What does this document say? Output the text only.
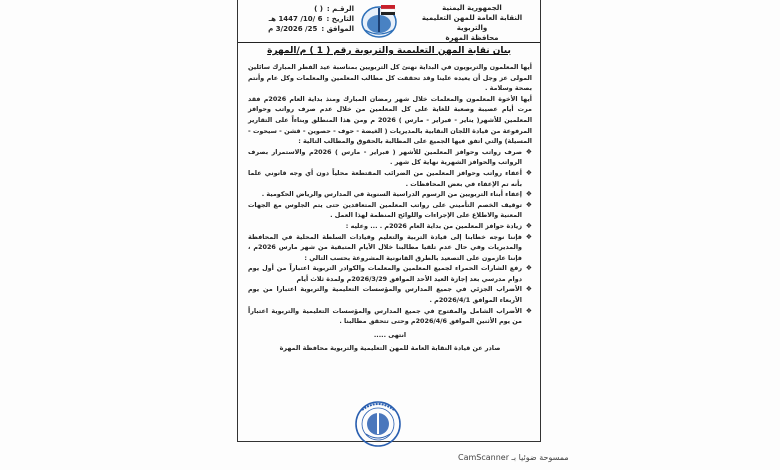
الجمهورية اليمنية
النقابة العامة للمهن التعليمية والتربوية
محافظة المهرة
الرقـم :
( )
التاريخ :
6 /10/ 1447 هـ
الموافق :
25/ 3/2026 م
بيان نقابة المهن التعليمية والتربوية رقم ( 1 ) م/المهرة

أيها المعلمون والتربويون في البداية نهنئ كل التربويين بمناسبة عيد الفطر المبارك سائلين المولى عز وجل أن يعيده علينا وقد تحققت كل مطالب المعلمين والمعلمات وكل عام وأنتم بصحة وسلامة .

أيها الأخوة المعلمون والمعلمات خلال شهر رمضان المبارك ومنذ بداية العام 2026م فقد مرت أيام عصيبة وصعبة للغاية على كل المعلمين من خلال عدم صرف رواتب وحوافز المعلمين للأشهر( يناير - فبراير - مارس ) 2026 م ومن هذا المنطلق وبناءاً على التقارير المرفوعة من قيادة اللجان النقابية بالمديريات ( الغيضة - حوف - حصوين - قشن - سيحوت - المسيلة) والتي اتفق فيها الجميع على المطالبة بالحقوق والمطالب التالية :

❖
صرف رواتب وحوافز المعلمين للأشهر ( فبراير - مارس ) 2026م والاستمرار بصرف الرواتب والحوافز الشهرية نهاية كل شهر .
❖
أعفاء رواتب وحوافز المعلمين من الضرائب المقتطعة محلياً دون أي وجه قانوني علما بأنه تم الإعفاء في بعض المحافظات .
❖
إعفاء أبناء التربويين من الرسوم الدراسية السنوية في المدارس والرياض الحكومية .
❖
توقيف الخصم التأميني على رواتب المعلمين المتعاقدين حتى يتم الجلوس مع الجهات المعنية والاطلاع على الإجراءات واللوائح المنظمة لهذا العمل .
❖
زيادة حوافز المعلمين من بداية العام 2026م . ... وعليه :
❖
فإننا نوجه خطابنا إلى قيادة التربية والتعليم وقيادات السلطة المحلية في المحافظة والمديريات وفي حال عدم تلقيا مطالبنا خلال الأيام المتبقية من شهر مارس 2026م ، فإننا عازمون على التصعيد بالطرق القانونية المشروعة بحسب التالي :
❖
رفع الشارات الحمراء لجميع المعلمين والمعلمات والكوادر التربوية اعتباراً من أول يوم دوام مدرسي بعد إجازة العيد الأحد الموافق 2026/3/29م ولمدة ثلاث أيام
❖
الأضراب الجزئي في جميع المدارس والمؤسسات التعليمية والتربوية اعتبارا من يوم الأربعاء الموافق 2026/4/1م .
❖
الأضراب الشامل والمفتوح في جميع المدارس والمؤسسات التعليمية والتربوية اعتباراً من يوم الأثنين الموافق 2026/4/6م وحتى تتحقق مطالبنا .
انتهى .....
صادر عن قيادة النقابة العامة للمهن التعليمية والتربوية محافظة المهرة
ممسوحة ضوئيا بـ CamScanner
